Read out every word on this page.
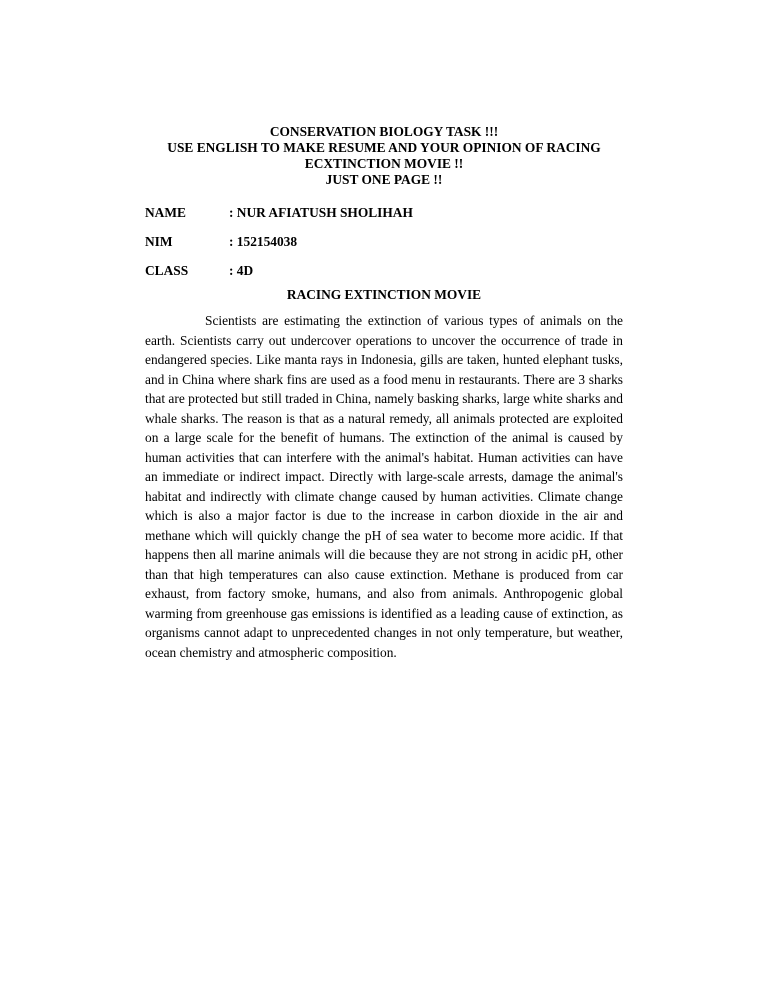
CONSERVATION BIOLOGY TASK !!!
USE ENGLISH TO MAKE RESUME AND YOUR OPINION OF RACING
ECXTINCTION MOVIE !!
JUST ONE PAGE !!
NAME	: NUR AFIATUSH SHOLIHAH
NIM	: 152154038
CLASS	: 4D
RACING EXTINCTION MOVIE

Scientists are estimating the extinction of various types of animals on the earth. Scientists carry out undercover operations to uncover the occurrence of trade in endangered species. Like manta rays in Indonesia, gills are taken, hunted elephant tusks, and in China where shark fins are used as a food menu in restaurants. There are 3 sharks that are protected but still traded in China, namely basking sharks, large white sharks and whale sharks. The reason is that as a natural remedy, all animals protected are exploited on a large scale for the benefit of humans. The extinction of the animal is caused by human activities that can interfere with the animal's habitat. Human activities can have an immediate or indirect impact. Directly with large-scale arrests, damage the animal's habitat and indirectly with climate change caused by human activities. Climate change which is also a major factor is due to the increase in carbon dioxide in the air and methane which will quickly change the pH of sea water to become more acidic. If that happens then all marine animals will die because they are not strong in acidic pH, other than that high temperatures can also cause extinction. Methane is produced from car exhaust, from factory smoke, humans, and also from animals. Anthropogenic global warming from greenhouse gas emissions is identified as a leading cause of extinction, as organisms cannot adapt to unprecedented changes in not only temperature, but weather, ocean chemistry and atmospheric composition.
